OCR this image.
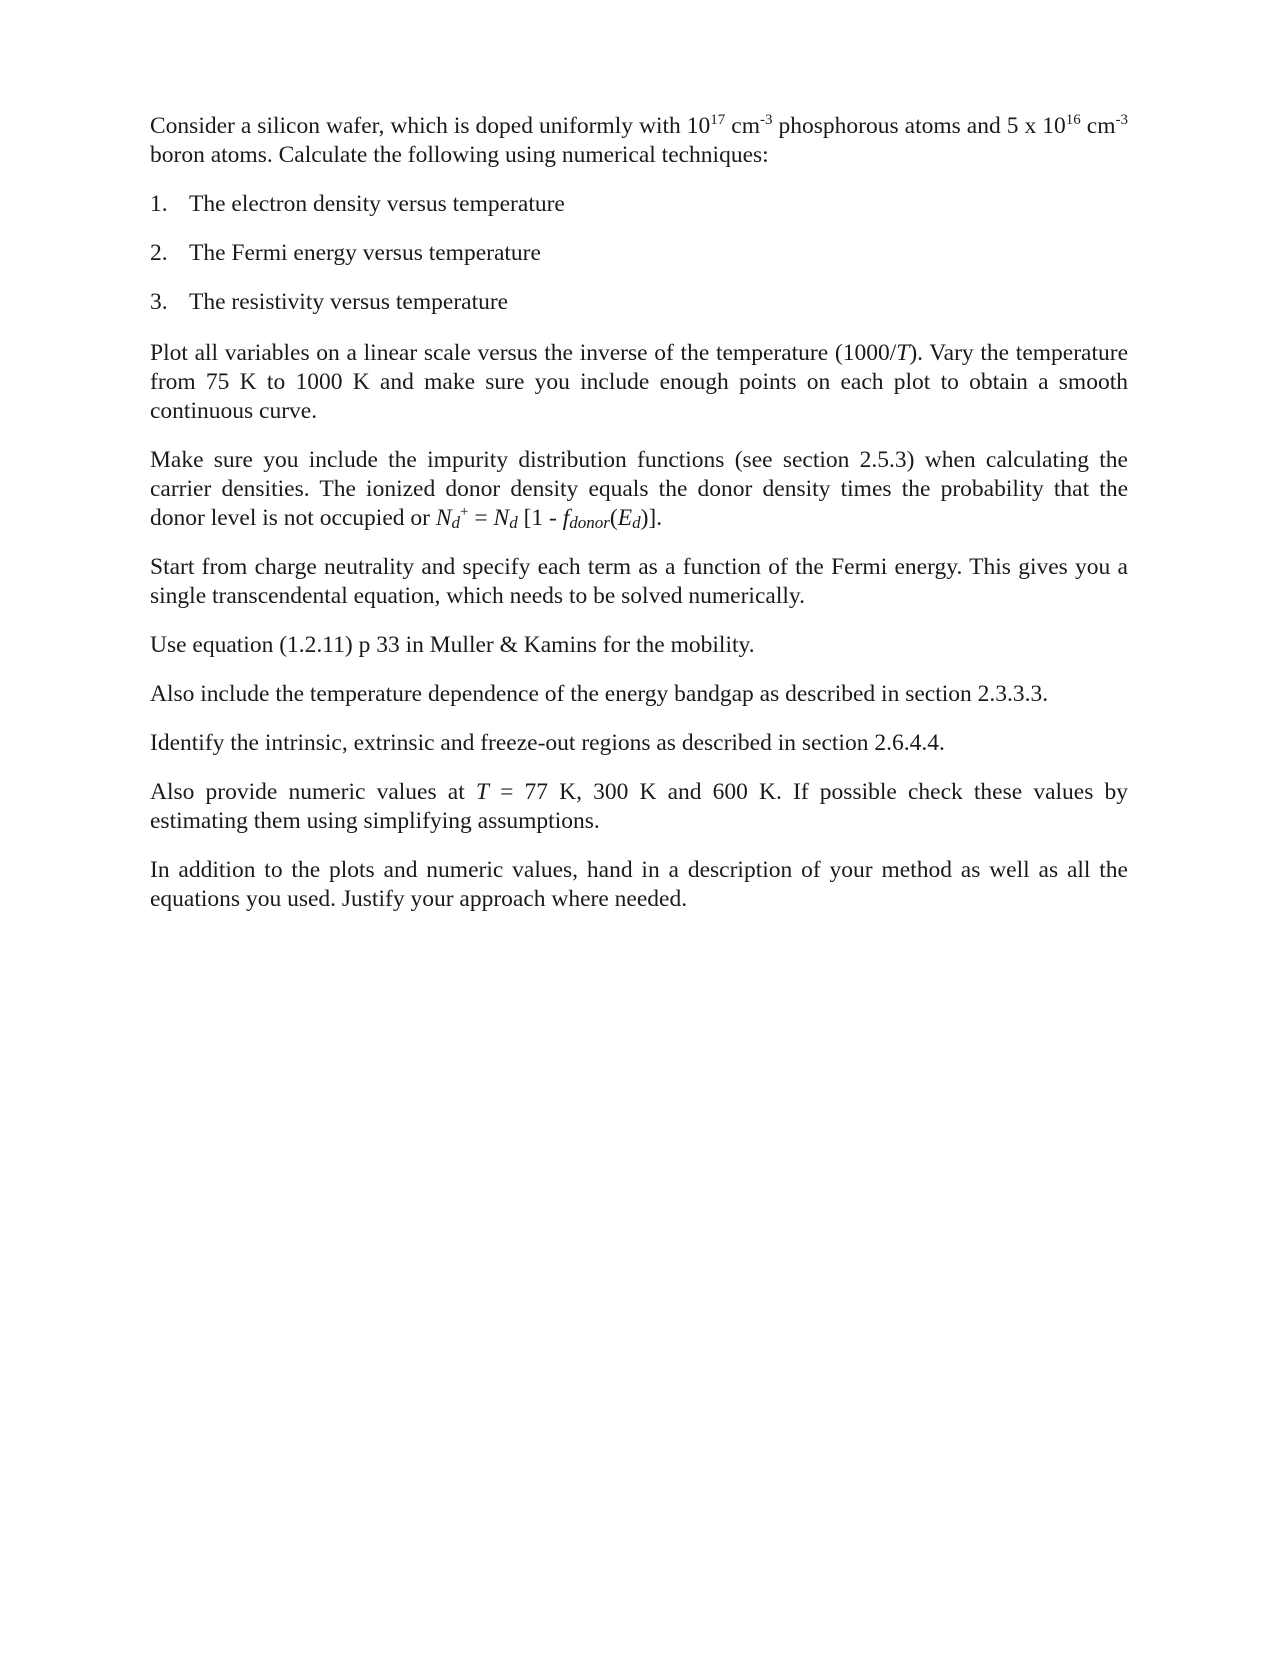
Consider a silicon wafer, which is doped uniformly with $10^{17}$ $cm^{-3}$ phosphorous atoms and 5 x $10^{16}$ $cm^{-3}$ boron atoms. Calculate the following using numerical techniques:

1. The electron density versus temperature
2. The Fermi energy versus temperature
3. The resistivity versus temperature

Plot all variables on a linear scale versus the inverse of the temperature (1000/T). Vary the temperature from 75 K to 1000 K and make sure you include enough points on each plot to obtain a smooth continuous curve.

Make sure you include the impurity distribution functions (see section 2.5.3) when calculating the carrier densities. The ionized donor density equals the donor density times the probability that the donor level is not occupied or Nd+ = Nd [1 - fdonor(Ed)].

Start from charge neutrality and specify each term as a function of the Fermi energy. This gives you a single transcendental equation, which needs to be solved numerically.

Use equation (1.2.11) p 33 in Muller & Kamins for the mobility.

Also include the temperature dependence of the energy bandgap as described in section 2.3.3.3.

Identify the intrinsic, extrinsic and freeze-out regions as described in section 2.6.4.4.

Also provide numeric values at T = 77 K, 300 K and 600 K. If possible check these values by estimating them using simplifying assumptions.

In addition to the plots and numeric values, hand in a description of your method as well as all the equations you used. Justify your approach where needed.
